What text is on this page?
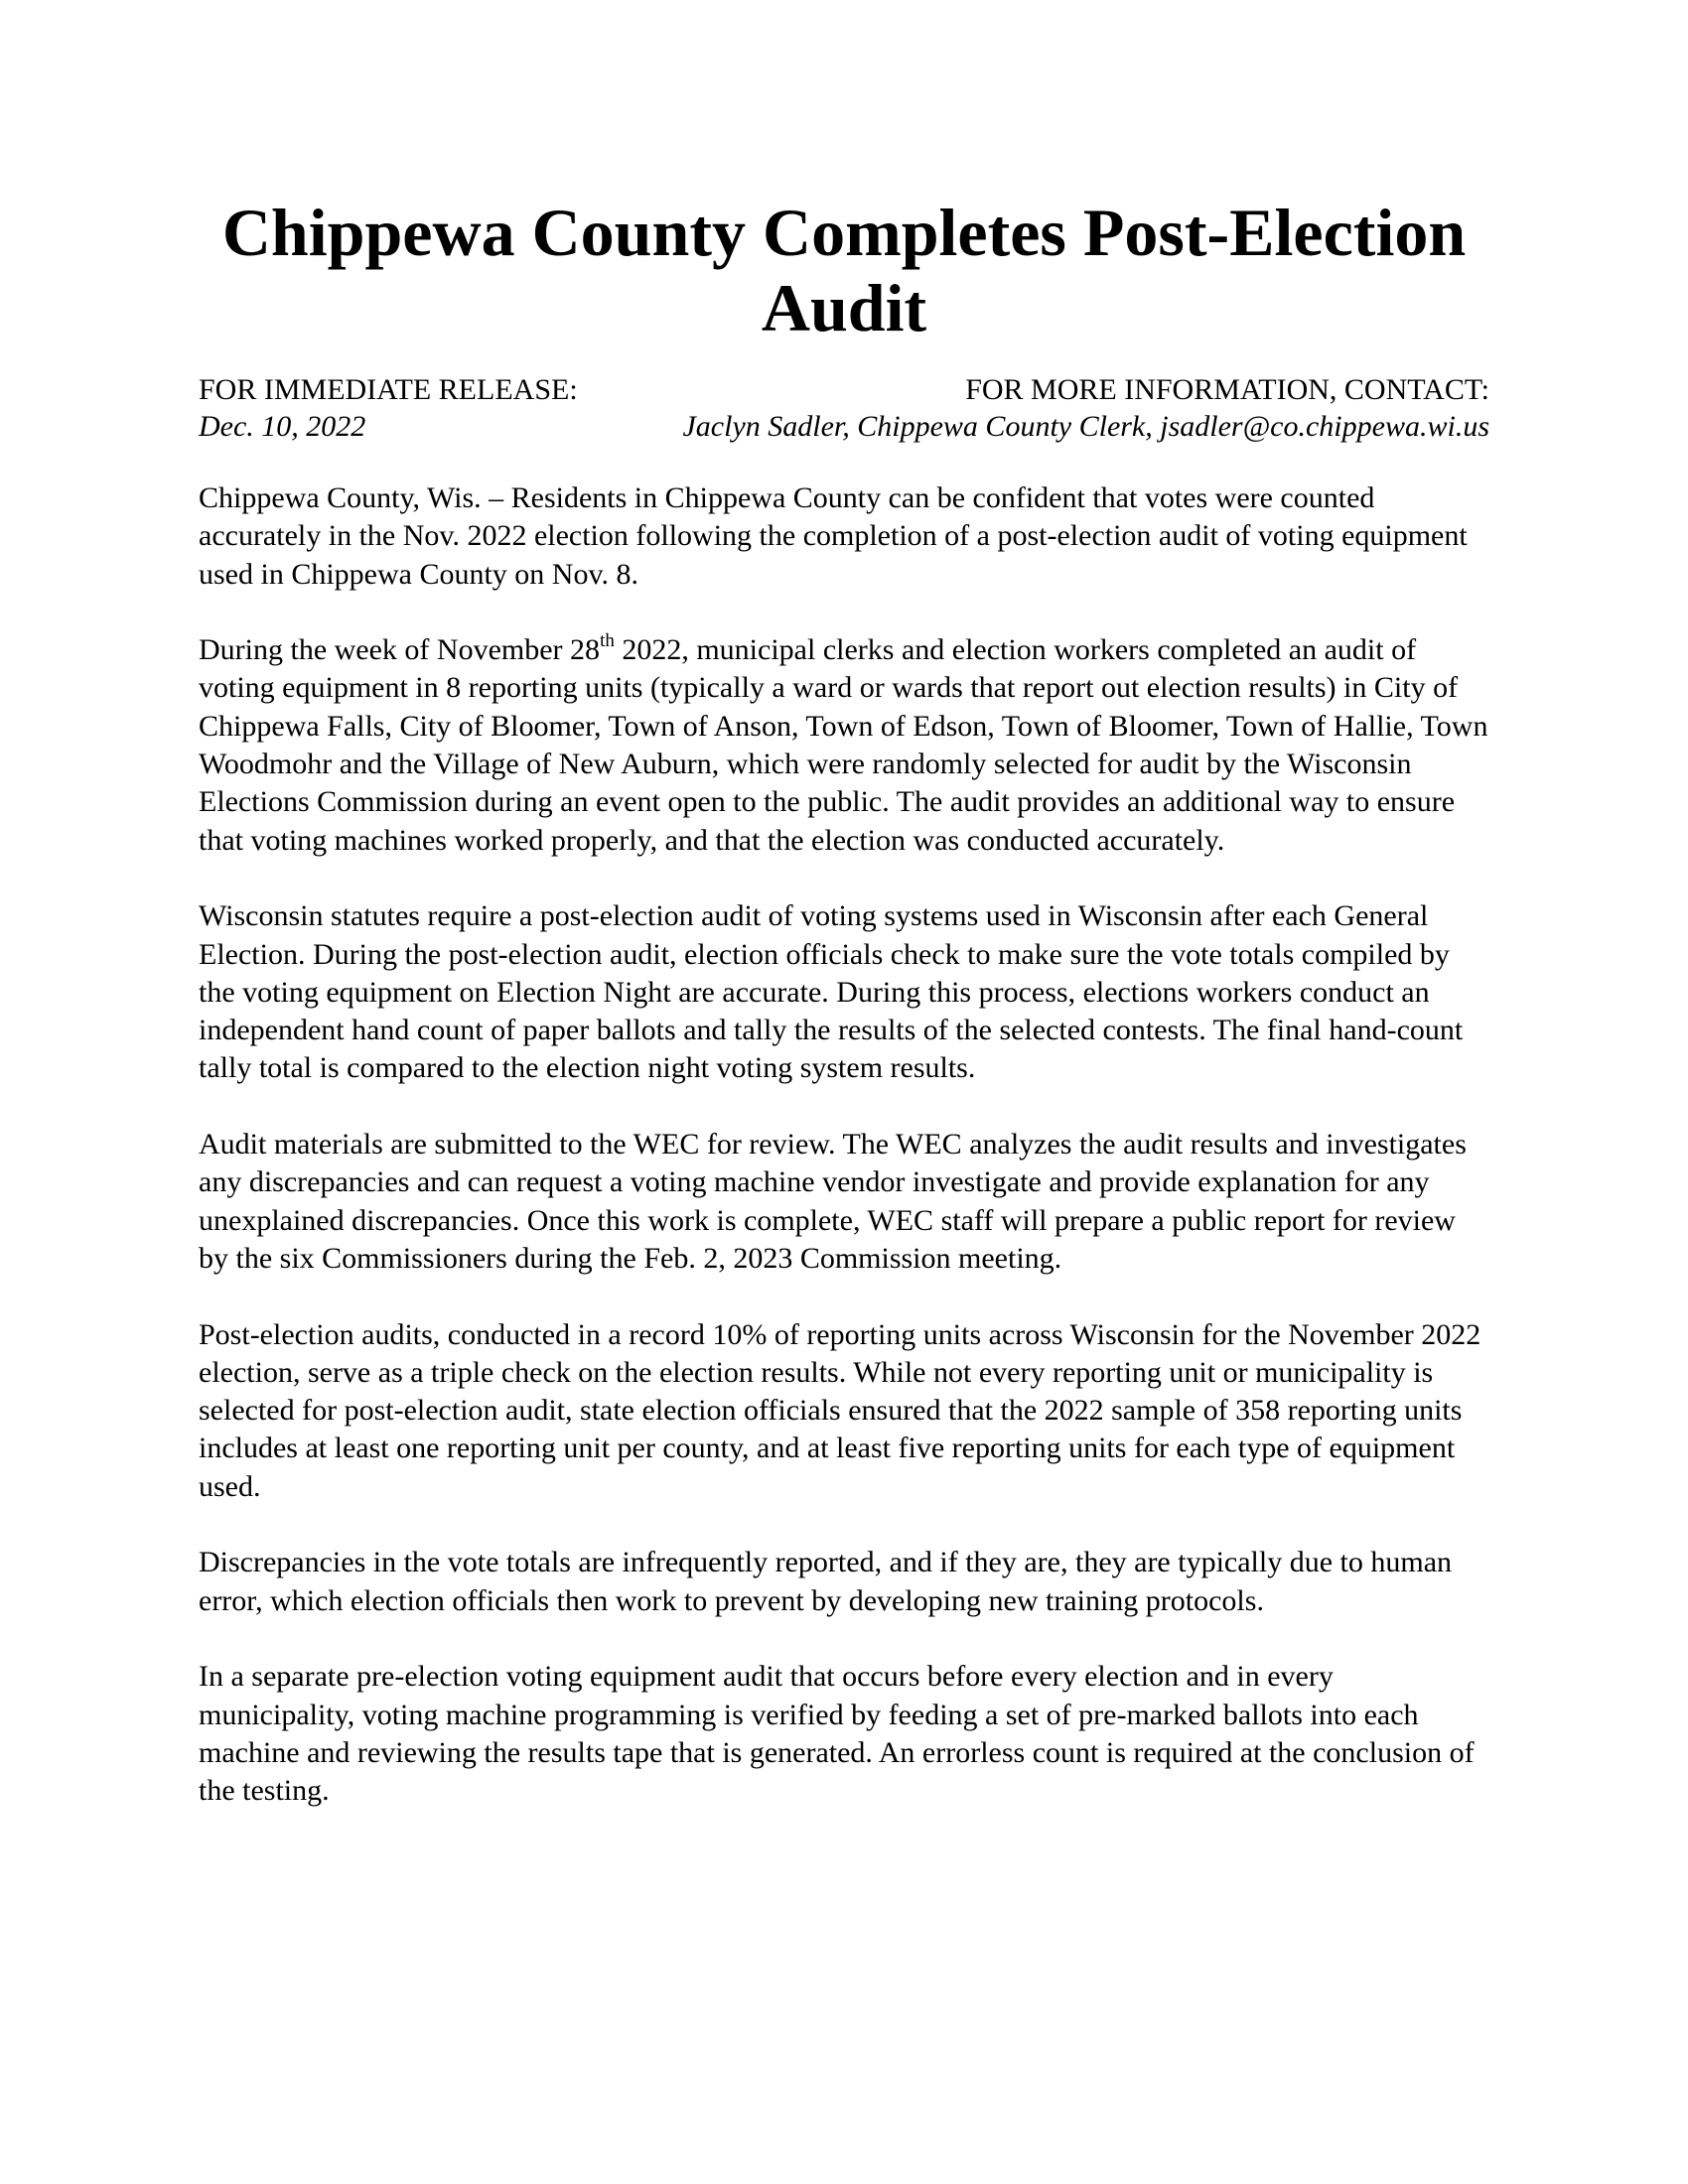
Chippewa County Completes Post-Election
Audit
FOR IMMEDIATE RELEASE:	FOR MORE INFORMATION, CONTACT:
Dec. 10, 2022	Jaclyn Sadler, Chippewa County Clerk, jsadler@co.chippewa.wi.us

Chippewa County, Wis. – Residents in Chippewa County can be confident that votes were counted accurately in the Nov. 2022 election following the completion of a post-election audit of voting equipment used in Chippewa County on Nov. 8.

During the week of November 28th 2022, municipal clerks and election workers completed an audit of voting equipment in 8 reporting units (typically a ward or wards that report out election results) in City of Chippewa Falls, City of Bloomer, Town of Anson, Town of Edson, Town of Bloomer, Town of Hallie, Town Woodmohr and the Village of New Auburn, which were randomly selected for audit by the Wisconsin Elections Commission during an event open to the public. The audit provides an additional way to ensure that voting machines worked properly, and that the election was conducted accurately.

Wisconsin statutes require a post-election audit of voting systems used in Wisconsin after each General Election. During the post-election audit, election officials check to make sure the vote totals compiled by the voting equipment on Election Night are accurate. During this process, elections workers conduct an independent hand count of paper ballots and tally the results of the selected contests. The final hand-count tally total is compared to the election night voting system results.

Audit materials are submitted to the WEC for review. The WEC analyzes the audit results and investigates any discrepancies and can request a voting machine vendor investigate and provide explanation for any unexplained discrepancies. Once this work is complete, WEC staff will prepare a public report for review by the six Commissioners during the Feb. 2, 2023 Commission meeting.

Post-election audits, conducted in a record 10% of reporting units across Wisconsin for the November 2022 election, serve as a triple check on the election results. While not every reporting unit or municipality is selected for post-election audit, state election officials ensured that the 2022 sample of 358 reporting units includes at least one reporting unit per county, and at least five reporting units for each type of equipment used.

Discrepancies in the vote totals are infrequently reported, and if they are, they are typically due to human error, which election officials then work to prevent by developing new training protocols.

In a separate pre-election voting equipment audit that occurs before every election and in every municipality, voting machine programming is verified by feeding a set of pre-marked ballots into each machine and reviewing the results tape that is generated. An errorless count is required at the conclusion of the testing.
